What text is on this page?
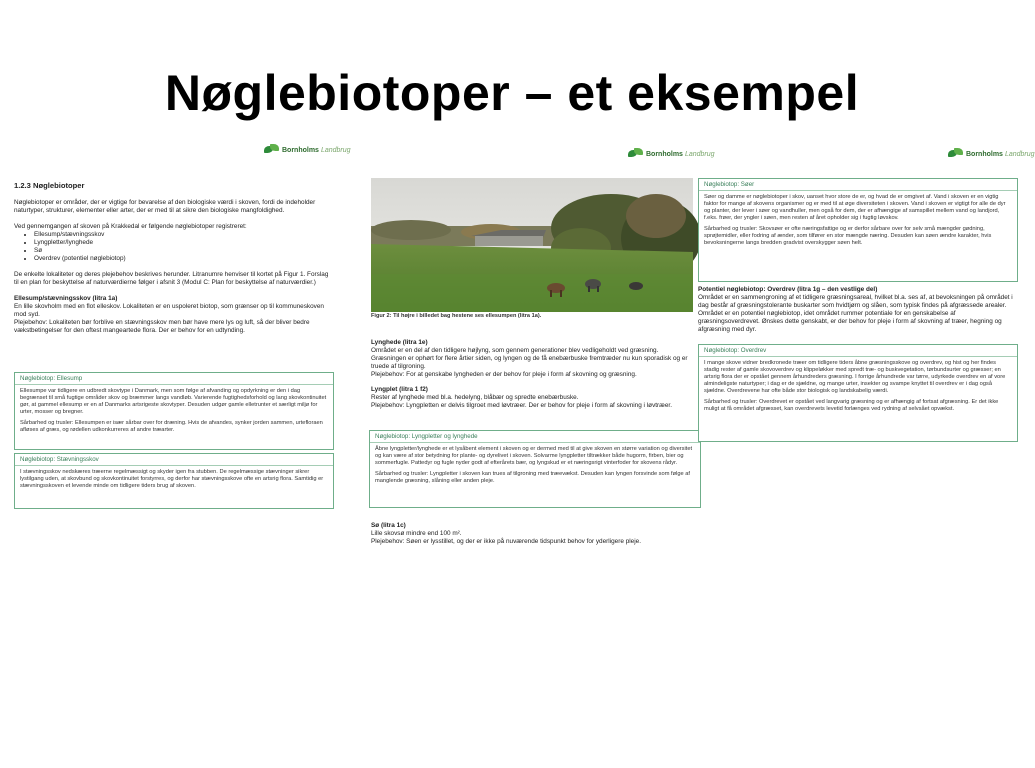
Nøglebiotoper – et eksempel
Bornholms Landbrug
1.2.3 Nøglebiotoper
Nøglebiotoper er områder, der er vigtige for bevarelse af den biologiske værdi i skoven, fordi de indeholder naturtyper, strukturer, elementer eller arter, der er med til at sikre den biologiske mangfoldighed.
Ved gennemgangen af skoven på Krakkedal er følgende nøglebiotoper registreret:
• Ellesump/stævningsskov
• Lyngpletter/lynghede
• Sø
• Overdrev (potentiel nøglebiotop)
De enkelte lokaliteter og deres plejebehov beskrives herunder. Litranumre henviser til kortet på Figur 1. Forslag til en plan for beskyttelse af naturværdierne følger i afsnit 3 (Modul C: Plan for beskyttelse af naturværdier.)
Ellesump/stævningsskov (litra 1a)
En lille skovholm med en flot elleskov. Lokaliteten er en uspoleret biotop, som grænser op til kommuneskoven mod syd.
Plejebehov: Lokaliteten bør forblive en stævningsskov men bør have mere lys og luft, så der bliver bedre vækstbetingelser for den oftest mangeartede flora. Der er behov for en udtynding.
Nøglebiotop: Ellesump

Ellesumpe var tidligere en udbredt skovtype i Danmark, men som følge af afvanding og opdyrkning er den i dag begrænset til små fugtige områder skov og bræmmer langs vandløb. Varierende fugtighedsforhold og lang skovkontinuitet gør, at gammel ellesump er en af Danmarks artsrigeste skovtyper. Desuden udgør gamle elletrunter et særligt miljø for urter, mosser og bregner.

Sårbarhed og trusler: Ellesumpen er især sårbar over for dræning. Hvis de afvandes, synker jorden sammen, urtefloraen afløses af græs, og rødellen udkonkurreres af andre træarter.

Nøglebiotop: Stævningsskov

I stævningsskov nedskæres træerne regelmæssigt og skyder igen fra stubben. De regelmæssige stævninger sikrer lystilgang uden, at skovbund og skovkontinuitet forstyrres, og derfor har stævningsskove ofte en artsrig flora. Samtidig er stævningsskoven et levende minde om tidligere tiders brug af skoven.

Bornholms Landbrug
Figur 2: Til højre i billedet bag hestene ses ellesumpen (litra 1a).
Lynghede (litra 1e)
Området er en del af den tidligere højlyng, som gennem generationer blev vedligeholdt ved græsning. Græsningen er ophørt for flere årtier siden, og lyngen og de få enebærbuske fremtræder nu kun sporadisk og er truede af tilgroning.
Plejebehov: For at genskabe lyngheden er der behov for pleje i form af skovning og græsning.
Lyngplet (litra 1 f2)
Rester af lynghede med bl.a. hedelyng, blåbær og spredte enebærbuske.
Plejebehov: Lyngpletten er delvis tilgroet med løvtræer. Der er behov for pleje i form af skovning i løvtræer.
Nøglebiotop: Lyngpletter og lynghede

Åbne lyngpletter/lynghede er et lysåbent element i skoven og er dermed med til at give skoven en større variation og diversitet og kan være af stor betydning for plante- og dyrelivet i skoven. Solvarme lyngpletter tiltrækker både hugorm, firben, bier og sommerfugle. Pattedyr og fugle nyder godt af efterårets bær, og lyngskud er et næringsrigt vinterfoder for skovens rådyr.

Sårbarhed og trusler: Lyngpletter i skoven kan trues af tilgroning med træevækst. Desuden kan lyngen forsvinde som følge af manglende græsning, slåning eller anden pleje.

Sø (litra 1c)
Lille skovsø mindre end 100 m².
Plejebehov: Søen er lysstillet, og der er ikke på nuværende tidspunkt behov for yderligere pleje.
Bornholms Landbrug
Nøglebiotop: Søer

Søer og damme er nøglebiotoper i skov, uanset hvor store de er, og hvad de er omgivet af. Vand i skoven er en vigtig faktor for mange af skovens organismer og er med til at øge diversiteten i skoven. Vand i skoven er vigtigt for alle de dyr og planter, der lever i søer og vandhuller, men også for dem, der er afhængige af samspillet mellem vand og landjord, f.eks. frøer, der yngler i søen, men resten af året opholder sig i fugtig løvskov.

Sårbarhed og trusler: Skovsøer er ofte næringsfattige og er derfor sårbare over for selv små mængder gødning, sprøjtemidler, eller fodring af ænder, som tilfører en stor mængde næring. Desuden kan søen ændre karakter, hvis bevoksningerne langs bredden gradvist overskygger søen helt.

Potentiel nøglebiotop: Overdrev (litra 1g – den vestlige del)
Området er en sammengroning af et tidligere græsningsareal, hvilket bl.a. ses af, at bevoksningen på området i dag består af græsningstolerante buskarter som hvidtjørn og slåen, som typisk findes på afgræssede arealer. Området er en potentiel nøglebiotop, idet området rummer potentiale for en genskabelse af græsningsoverdrevet. Ønskes dette genskabt, er der behov for pleje i form af skovning af træer, hegning og afgræsning med dyr.
Nøglebiotop: Overdrev

I mange skove vidner bredkronede træer om tidligere tiders åbne græsningsskove og overdrev, og hist og her findes stadig rester af gamle skovoverdrev og klippeløkker med spredt træ- og buskvegetation, tørbundsurter og græsser; en artsrig flora der er opstået gennem århundreders græsning. I forrige århundrede var tørre, udyrkede overdrev en af vore almindeligste naturtyper; i dag er de sjældne, og mange urter, insekter og svampe knyttet til overdrev er i dag også sjældne. Overdrevene har ofte både stor biologisk og landskabelig værdi.

Sårbarhed og trusler: Overdrevet er opstået ved langvarig græsning og er afhængig af fortsat afgræsning. Er det ikke muligt at få området afgræsset, kan overdrevets levetid forlænges ved rydning af selvsået opvækst.
